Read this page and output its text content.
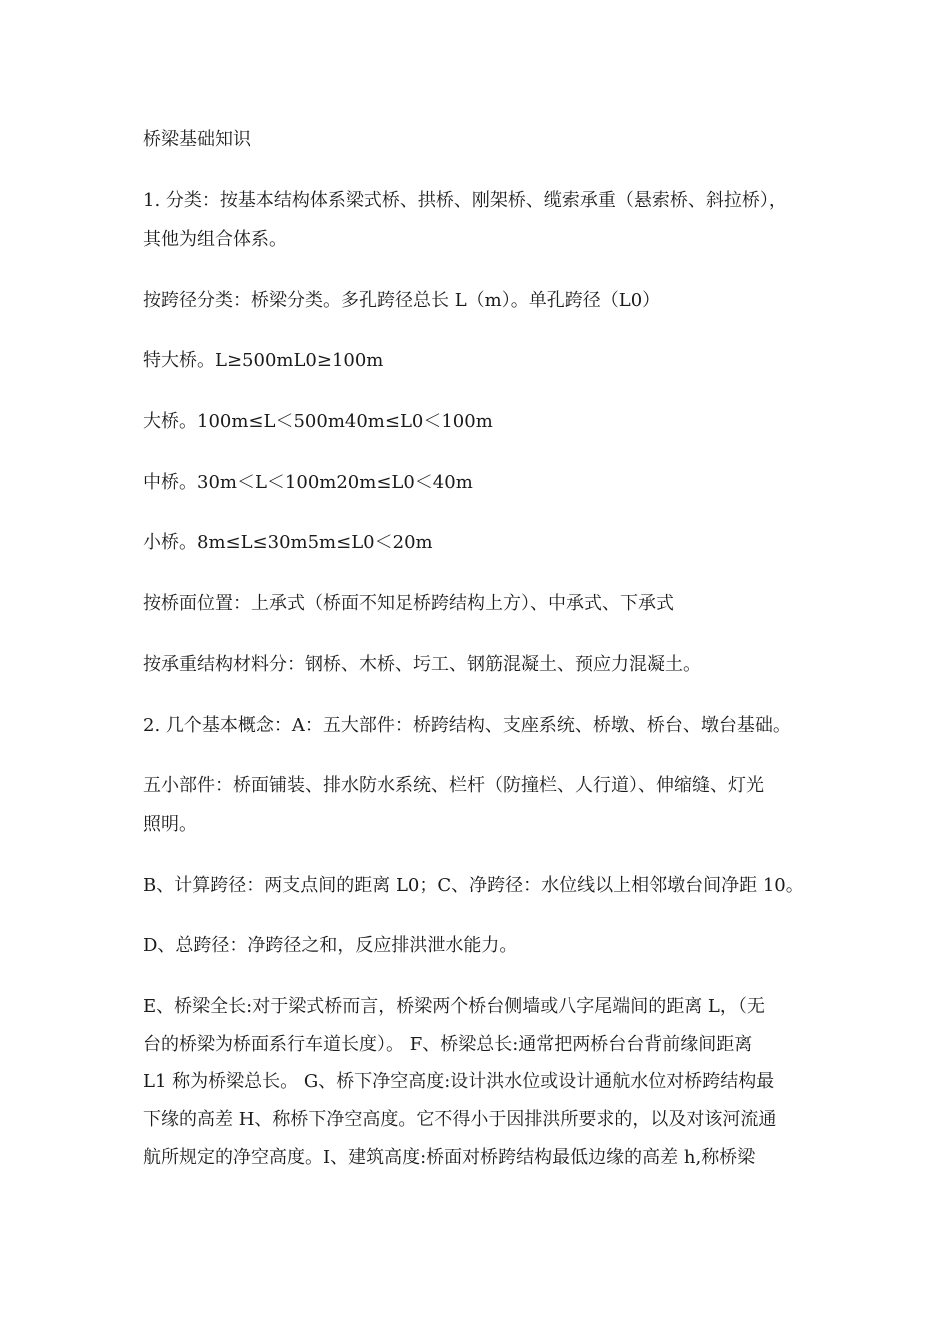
桥梁基础知识
1. 分类：按基本结构体系梁式桥、拱桥、刚架桥、缆索承重（悬索桥、斜拉桥），
其他为组合体系。
按跨径分类：桥梁分类。多孔跨径总长 L（m）。单孔跨径（L0）
特大桥。L≥500mL0≥100m
大桥。100m≤L＜500m40m≤L0＜100m
中桥。30m＜L＜100m20m≤L0＜40m
小桥。8m≤L≤30m5m≤L0＜20m
按桥面位置：上承式（桥面不知足桥跨结构上方）、中承式、下承式
按承重结构材料分：钢桥、木桥、圬工、钢筋混凝土、预应力混凝土。
2. 几个基本概念：A：五大部件：桥跨结构、支座系统、桥墩、桥台、墩台基础。
五小部件：桥面铺装、排水防水系统、栏杆（防撞栏、人行道）、伸缩缝、灯光
照明。
B、计算跨径：两支点间的距离 L0；C、净跨径：水位线以上相邻墩台间净距 10。
D、总跨径：净跨径之和，反应排洪泄水能力。
E、桥梁全长:对于梁式桥而言，桥梁两个桥台侧墙或八字尾端间的距离 L，（无
台的桥梁为桥面系行车道长度）。 F、桥梁总长:通常把两桥台台背前缘间距离
L1 称为桥梁总长。 G、桥下净空高度:设计洪水位或设计通航水位对桥跨结构最
下缘的高差 H、称桥下净空高度。它不得小于因排洪所要求的，以及对该河流通
航所规定的净空高度。I、建筑高度:桥面对桥跨结构最低边缘的高差 h,称桥梁
